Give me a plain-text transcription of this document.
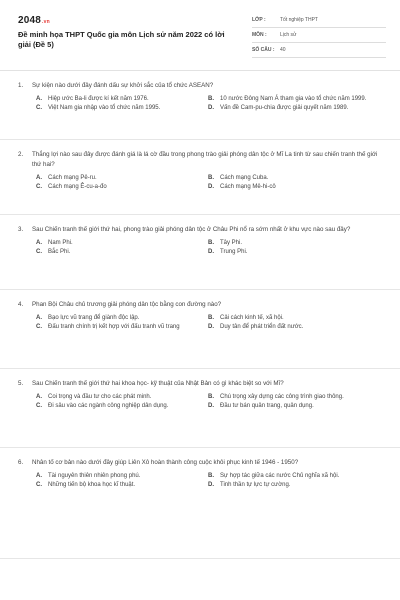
2048.vn
Đề minh họa THPT Quốc gia môn Lịch sử năm 2022 có lời giải (Đề 5)
LỚP :	Tốt nghiệp THPT
MÔN :	Lịch sử
SỐ CÂU :	40
1.	Sự kiện nào dưới đây đánh dấu sự khởi sắc của tổ chức ASEAN?
A.	Hiệp ước Ba-li được kí kết năm 1976.	B.	10 nước Đông Nam Á tham gia vào tổ chức năm 1999.
C.	Việt Nam gia nhập vào tổ chức năm 1995.	D.	Vấn đề Cam-pu-chia được giải quyết năm 1989.
2.	Thắng lợi nào sau đây được đánh giá là lá cờ đầu trong phong trào giải phóng dân tộc ở Mĩ La tinh từ sau chiến tranh thế giới thứ hai?
A.	Cách mạng Pê-ru.	B.	Cách mạng Cuba.
C.	Cách mạng Ê-cu-a-đo	D.	Cách mạng Mê-hi-cô
3.	Sau Chiến tranh thế giới thứ hai, phong trào giải phóng dân tộc ở Châu Phi nổ ra sớm nhất ở khu vực nào sau đây?
A.	Nam Phi.	B.	Tây Phi.
C.	Bắc Phi.	D.	Trung Phi.
4.	Phan Bội Châu chủ trương giải phóng dân tộc bằng con đường nào?
A.	Bạo lực vũ trang để giành độc lập.	B.	Cải cách kinh tế, xã hội.
C.	Đấu tranh chính trị kết hợp với đấu tranh vũ trang	D.	Duy tân để phát triển đất nước.
5.	Sau Chiến tranh thế giới thứ hai khoa học- kỹ thuật của Nhật Bản có gì khác biệt so với Mĩ?
A.	Coi trọng và đầu tư cho các phát minh.	B.	Chú trọng xây dựng các công trình giao thông.
C.	Đi sâu vào các ngành công nghiệp dân dụng.	D.	Đầu tư bán quân trang, quân dụng.
6.	Nhân tố cơ bản nào dưới đây giúp Liên Xô hoàn thành công cuộc khôi phục kinh tế 1946 - 1950?
A.	Tài nguyên thiên nhiên phong phú.	B.	Sự hợp tác giữa các nước Chủ nghĩa xã hội.
C.	Những tiến bộ khoa học kĩ thuật.	D.	Tinh thần tự lực tự cường.
